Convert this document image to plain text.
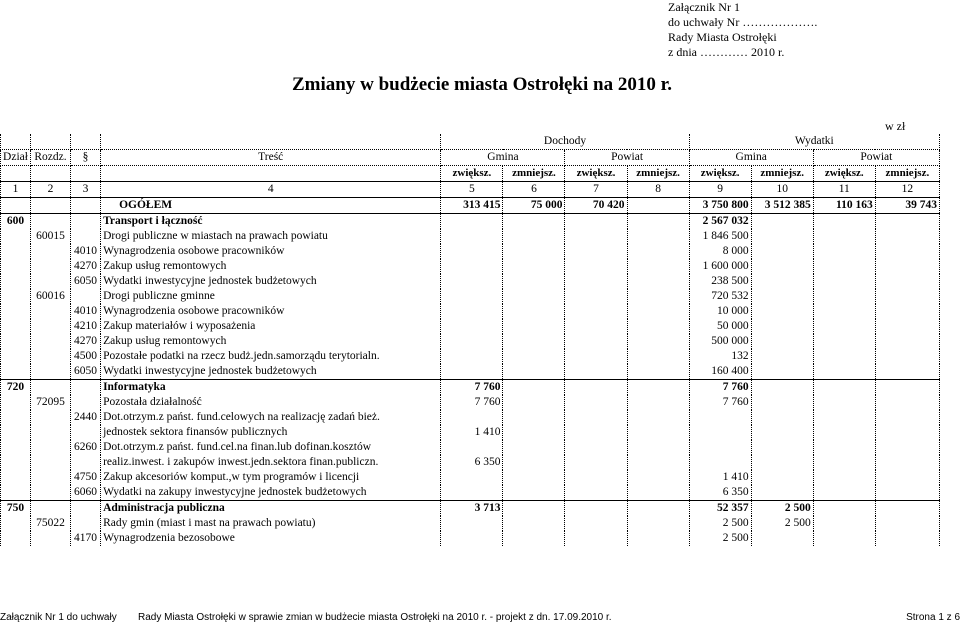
Załącznik Nr 1
do uchwały Nr ……………….
Rady Miasta Ostrołęki
z dnia ………… 2010 r.
Zmiany w budżecie miasta Ostrołęki na 2010 r.
w zł
				Dochody				Wydatki			
Dział	Rozdz.	§	Treść	Gmina		Powiat		Gmina		Powiat	
				zwiększ.	zmniejsz.	zwiększ.	zmniejsz.	zwiększ.	zmniejsz.	zwiększ.	zmniejsz.
1	2	3	4	5	6	7	8	9	10	11	12
			OGÓŁEM	313 415	75 000	70 420		3 750 800	3 512 385	110 163	39 743
600			Transport i łączność					2 567 032			
	60015		Drogi publiczne w miastach na prawach powiatu					1 846 500			
		4010	Wynagrodzenia osobowe pracowników					8 000			
		4270	Zakup usług remontowych					1 600 000			
		6050	Wydatki inwestycyjne jednostek budżetowych					238 500			
	60016		Drogi publiczne gminne					720 532			
		4010	Wynagrodzenia osobowe pracowników					10 000			
		4210	Zakup materiałów i wyposażenia					50 000			
		4270	Zakup usług remontowych					500 000			
		4500	Pozostałe podatki na rzecz budż.jedn.samorządu terytorialn.					132			
		6050	Wydatki inwestycyjne jednostek budżetowych					160 400			
720			Informatyka	7 760				7 760			
	72095		Pozostała działalność	7 760				7 760			
		2440	Dot.otrzym.z państ. fund.celowych na realizację zadań bież.								
			jednostek sektora finansów publicznych	1 410							
		6260	Dot.otrzym.z państ. fund.cel.na finan.lub dofinan.kosztów								
			realiz.inwest. i zakupów inwest.jedn.sektora finan.publiczn.	6 350							
		4750	Zakup akcesoriów komput.,w tym programów i licencji					1 410			
		6060	Wydatki na zakupy inwestycyjne jednostek budżetowych					6 350			
750			Administracja publiczna	3 713				52 357	2 500		
	75022		Rady gmin (miast i mast na prawach powiatu)					2 500	2 500		
		4170	Wynagrodzenia bezosobowe					2 500			
Załącznik Nr 1 do uchwały Rady Miasta Ostrołęki w sprawie zmian w budżecie miasta Ostrołęki na 2010 r. - projekt z dn. 17.09.2010 r.	Strona 1 z 6
